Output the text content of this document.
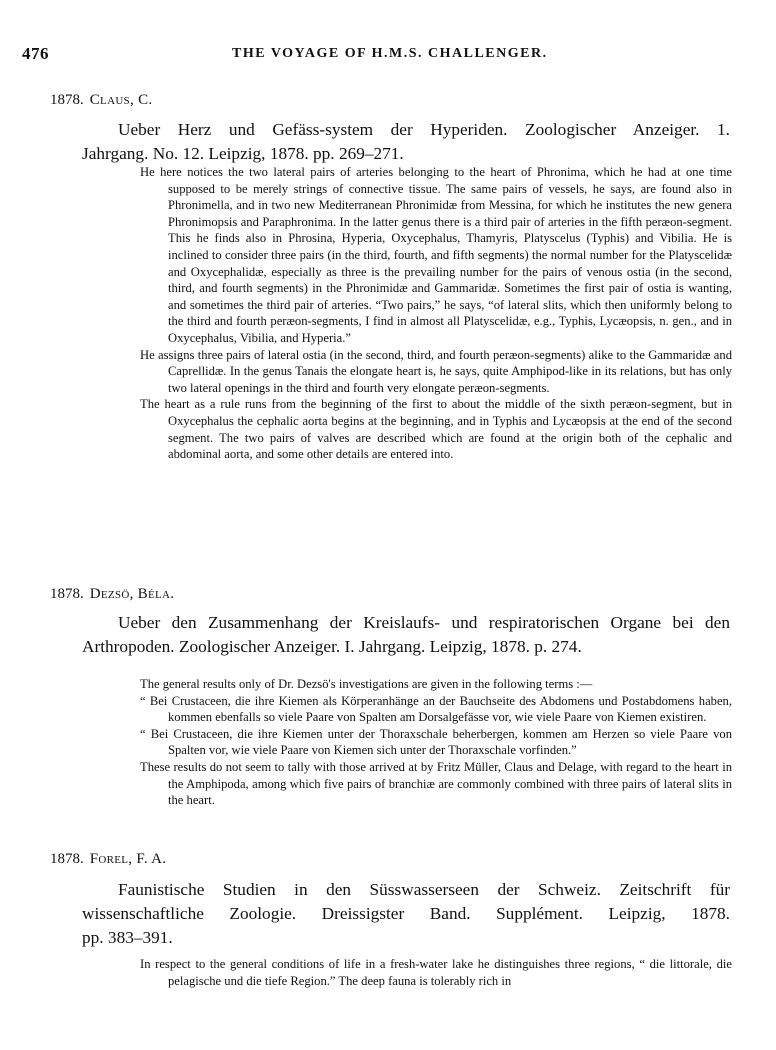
476	THE VOYAGE OF H.M.S. CHALLENGER.
1878. Claus, C.
Ueber Herz und Gefäss-system der Hyperiden. Zoologischer Anzeiger. 1.
Jahrgang. No. 12. Leipzig, 1878. pp. 269–271.

He here notices the two lateral pairs of arteries belonging to the heart of Phronima, which he had at one time supposed to be merely strings of connective tissue. The same pairs of vessels, he says, are found also in Phronimella, and in two new Mediterranean Phronimidæ from Messina, for which he institutes the new genera Phronimopsis and Paraphronima. In the latter genus there is a third pair of arteries in the fifth peræon-segment. This he finds also in Phrosina, Hyperia, Oxycephalus, Thamyris, Platyscelus (Typhis) and Vibilia. He is inclined to consider three pairs (in the third, fourth, and fifth segments) the normal number for the Platyscelidæ and Oxycephalidæ, especially as three is the prevailing number for the pairs of venous ostia (in the second, third, and fourth segments) in the Phronimidæ and Gammaridæ. Sometimes the first pair of ostia is wanting, and sometimes the third pair of arteries. “Two pairs,” he says, “of lateral slits, which then uniformly belong to the third and fourth peræon-segments, I find in almost all Platyscelidæ, e.g., Typhis, Lycæopsis, n. gen., and in Oxycephalus, Vibilia, and Hyperia.”

He assigns three pairs of lateral ostia (in the second, third, and fourth peræon-segments) alike to the Gammaridæ and Caprellidæ. In the genus Tanais the elongate heart is, he says, quite Amphipod-like in its relations, but has only two lateral openings in the third and fourth very elongate peræon-segments.

The heart as a rule runs from the beginning of the first to about the middle of the sixth peræon-segment, but in Oxycephalus the cephalic aorta begins at the beginning, and in Typhis and Lycæopsis at the end of the second segment. The two pairs of valves are described which are found at the origin both of the cephalic and abdominal aorta, and some other details are entered into.

1878. Dezsö, Béla.
Ueber den Zusammenhang der Kreislaufs- und respiratorischen Organe bei den
Arthropoden. Zoologischer Anzeiger. I. Jahrgang. Leipzig, 1878. p. 274.

The general results only of Dr. Dezsö's investigations are given in the following terms :—

“ Bei Crustaceen, die ihre Kiemen als Körperanhänge an der Bauchseite des Abdomens und Postabdomens haben, kommen ebenfalls so viele Paare von Spalten am Dorsalgefässe vor, wie viele Paare von Kiemen existiren.

“ Bei Crustaceen, die ihre Kiemen unter der Thoraxschale beherbergen, kommen am Herzen so viele Paare von Spalten vor, wie viele Paare von Kiemen sich unter der Thoraxschale vorfinden.”

These results do not seem to tally with those arrived at by Fritz Müller, Claus and Delage, with regard to the heart in the Amphipoda, among which five pairs of branchiæ are commonly combined with three pairs of lateral slits in the heart.

1878. Forel, F. A.
Faunistische Studien in den Süsswasserseen der Schweiz. Zeitschrift für
wissenschaftliche Zoologie. Dreissigster Band. Supplément. Leipzig, 1878.
pp. 383–391.

In respect to the general conditions of life in a fresh-water lake he distinguishes three regions, “ die littorale, die pelagische und die tiefe Region.” The deep fauna is tolerably rich in
